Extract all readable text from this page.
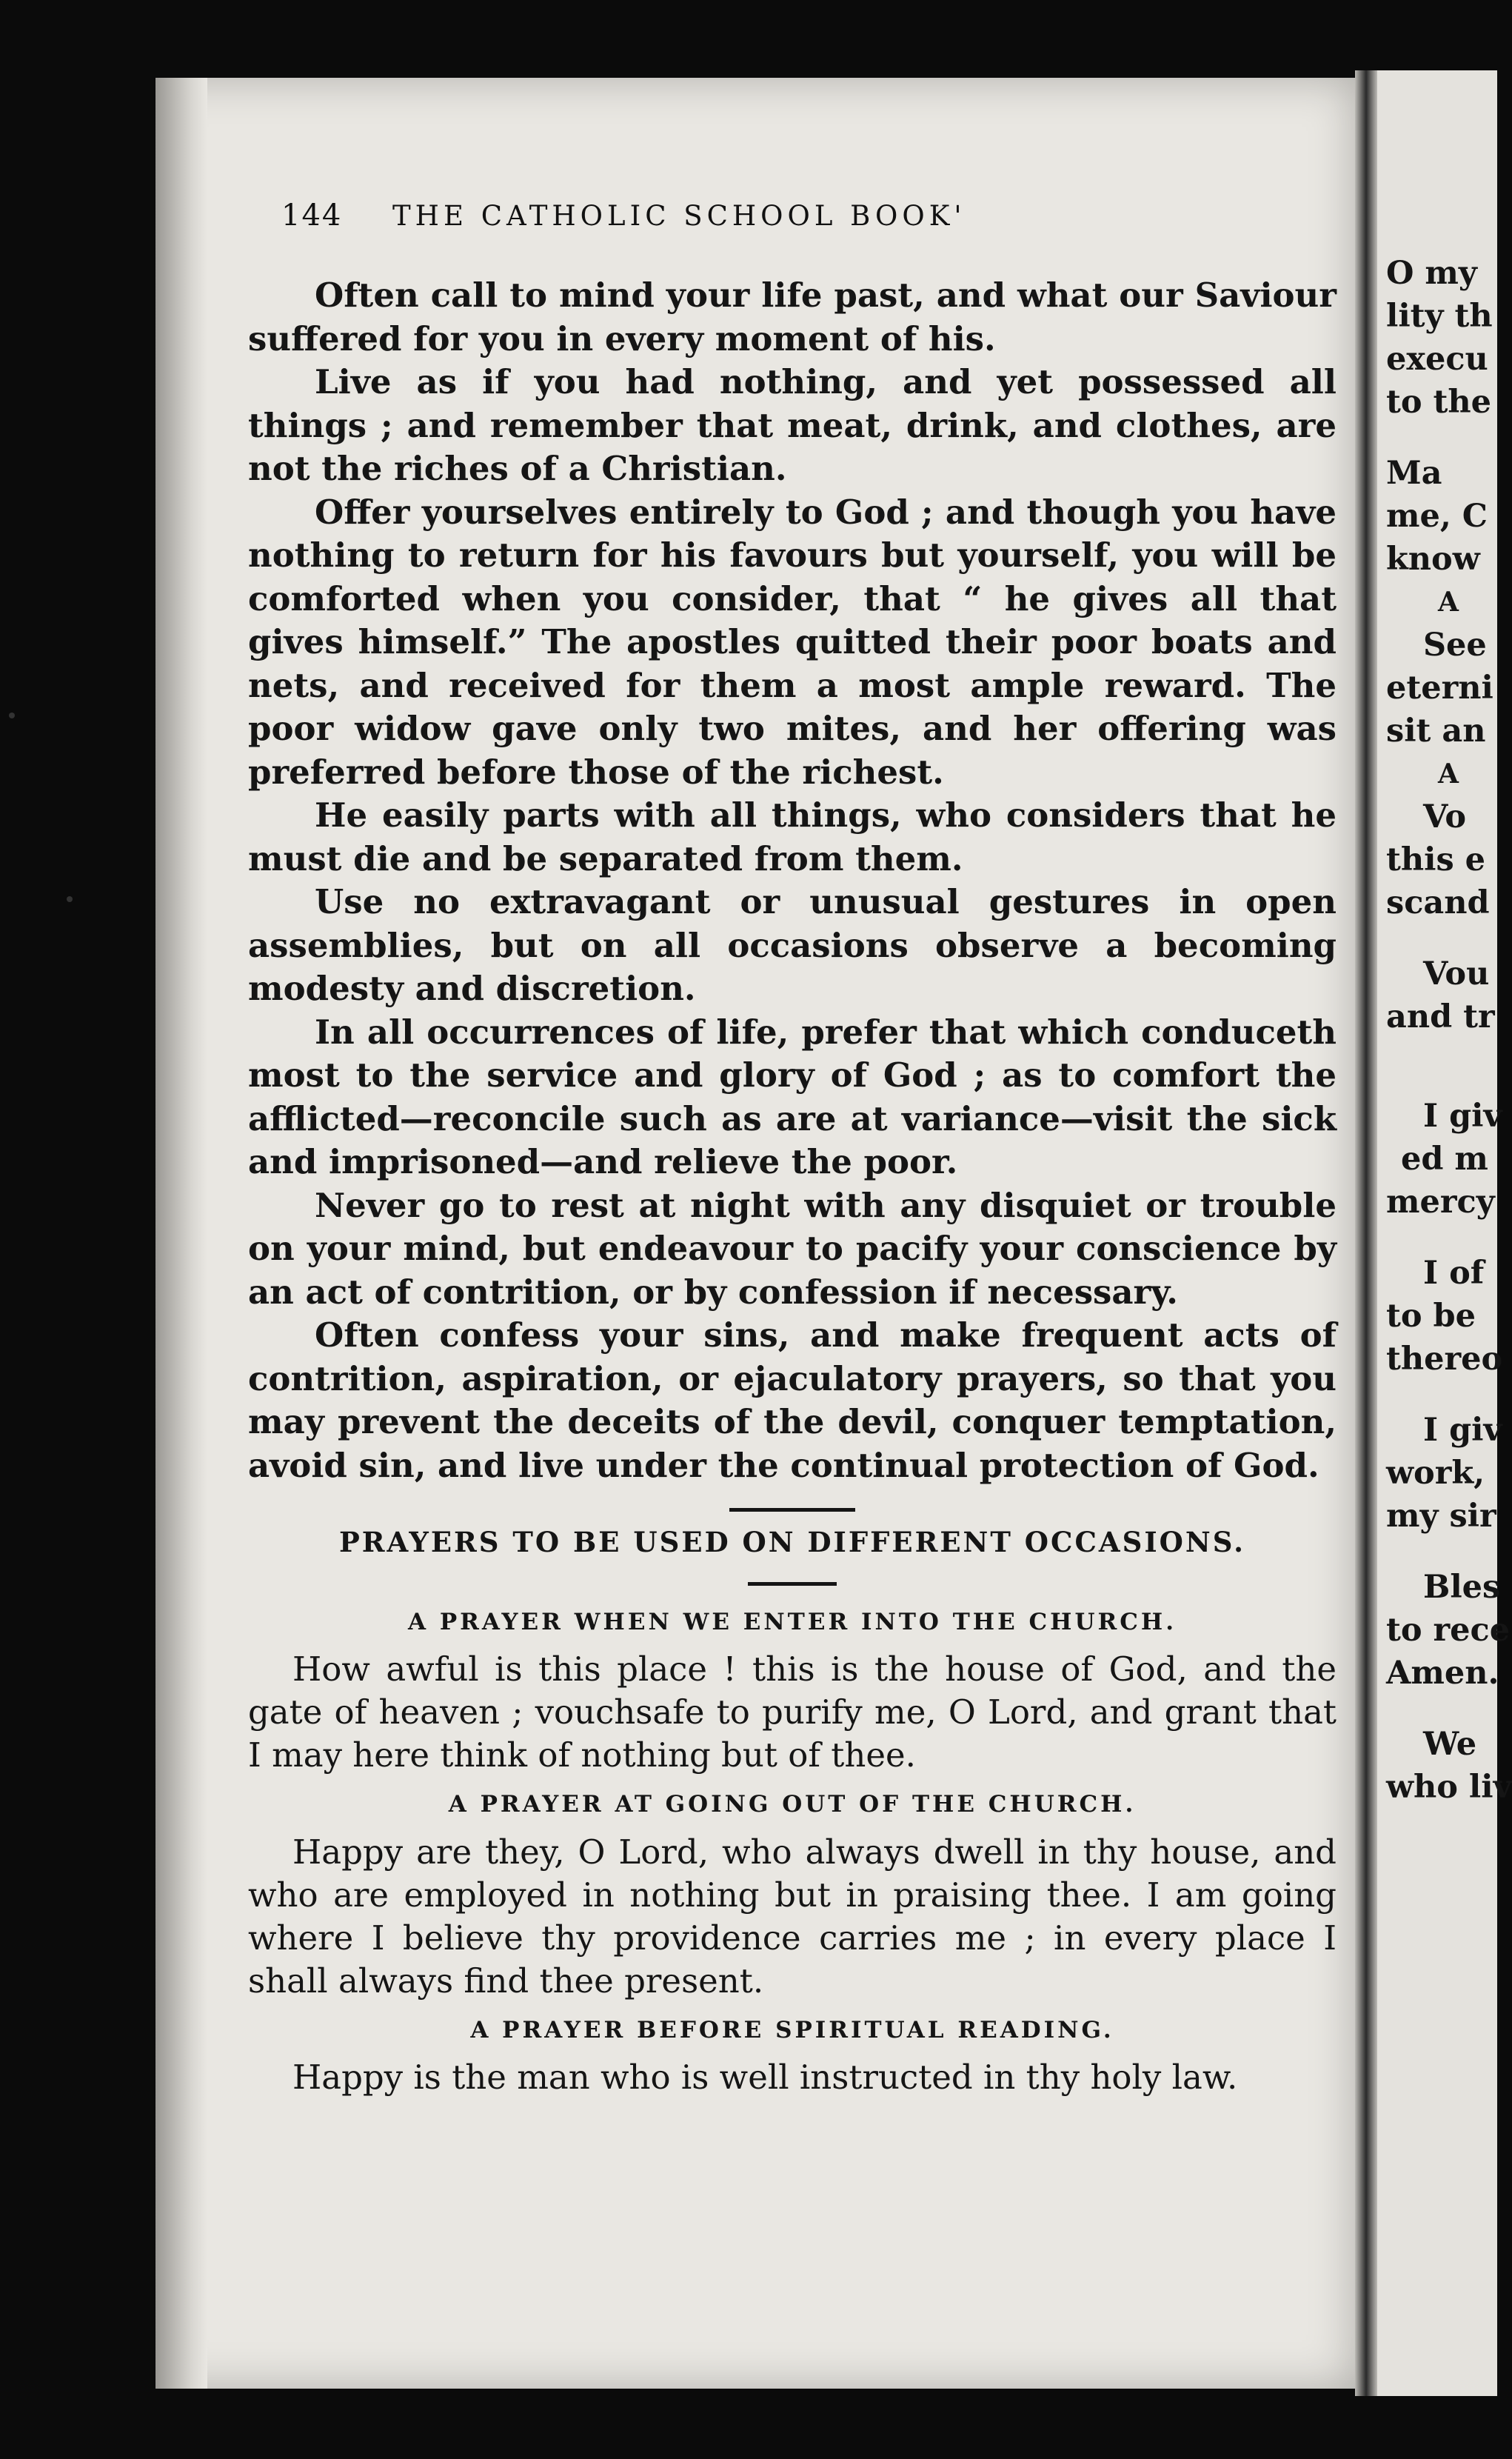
144 THE CATHOLIC SCHOOL BOOK'

Often call to mind your life past, and what our Saviour suffered for you in every moment of his.

Live as if you had nothing, and yet possessed all things ; and remember that meat, drink, and clothes, are not the riches of a Christian.

Offer yourselves entirely to God ; and though you have nothing to return for his favours but yourself, you will be comforted when you consider, that “ he gives all that gives himself.” The apostles quitted their poor boats and nets, and received for them a most ample reward. The poor widow gave only two mites, and her offering was preferred before those of the richest.

He easily parts with all things, who considers that he must die and be separated from them.

Use no extravagant or unusual gestures in open assemblies, but on all occasions observe a becoming modesty and discretion.

In all occurrences of life, prefer that which conduceth most to the service and glory of God ; as to comfort the afflicted—reconcile such as are at variance—visit the sick and imprisoned—and relieve the poor.

Never go to rest at night with any disquiet or trouble on your mind, but endeavour to pacify your conscience by an act of contrition, or by confession if necessary.

Often confess your sins, and make frequent acts of contrition, aspiration, or ejaculatory prayers, so that you may prevent the deceits of the devil, conquer temptation, avoid sin, and live under the continual protection of God.

PRAYERS TO BE USED ON DIFFERENT OCCASIONS.
A PRAYER WHEN WE ENTER INTO THE CHURCH.

How awful is this place ! this is the house of God, and the gate of heaven ; vouchsafe to purify me, O Lord, and grant that I may here think of nothing but of thee.

A PRAYER AT GOING OUT OF THE CHURCH.

Happy are they, O Lord, who always dwell in thy house, and who are employed in nothing but in praising thee. I am going where I believe thy providence carries me ; in every place I shall always find thee present.

A PRAYER BEFORE SPIRITUAL READING.

Happy is the man who is well instructed in thy holy law.

O my
lity th
execu
to the
Ma
me, C
know
A
See
eterni
sit an
A
Vo
this e
scand
Vou
and tr
I giv
ed m
mercy
I of
to be
thereo
I giv
work,
my sir
Bles
to rece
Amen.
We
who liv
